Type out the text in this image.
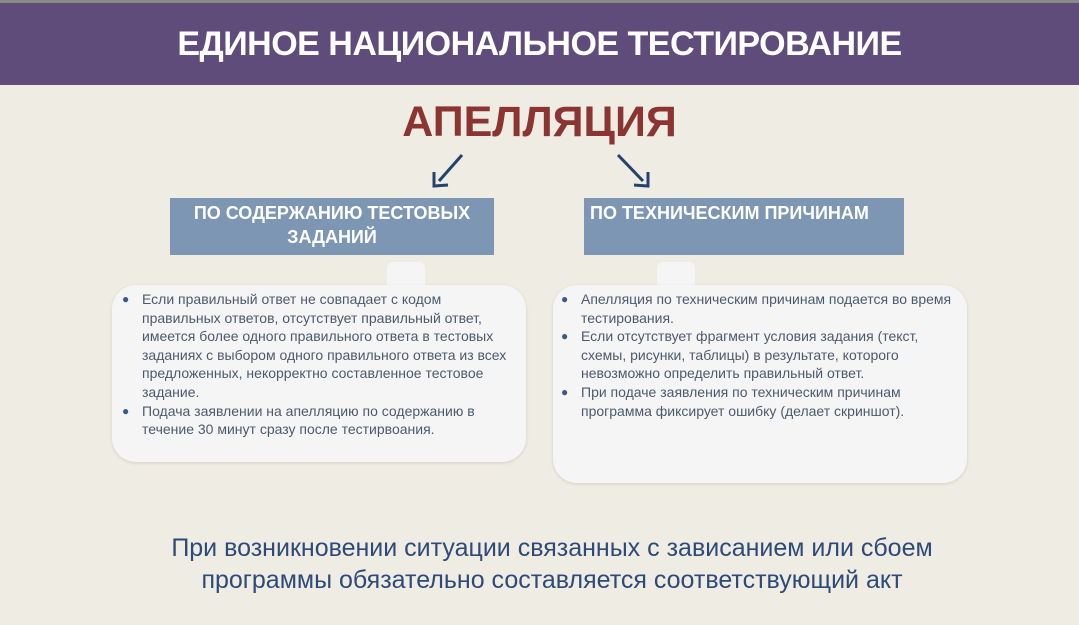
ЕДИНОЕ НАЦИОНАЛЬНОЕ ТЕСТИРОВАНИЕ
АПЕЛЛЯЦИЯ
ПО СОДЕРЖАНИЮ ТЕСТОВЫХ ЗАДАНИЙ
ПО ТЕХНИЧЕСКИМ ПРИЧИНАМ
● Если правильный ответ не совпадает с кодом правильных ответов, отсутствует правильный ответ, имеется более одного правильного ответа в тестовых заданиях с выбором одного правильного ответа из всех предложенных, некорректно составленное тестовое задание.
● Подача заявлении на апелляцию по содержанию в течение 30 минут сразу после тестирвоания.
● Апелляция по техническим причинам подается во время тестирования.
● Если отсутствует фрагмент условия задания (текст, схемы, рисунки, таблицы) в результате, которого невозможно определить правильный ответ.
● При подаче заявления по техническим причинам программа фиксирует ошибку (делает скриншот).
При возникновении ситуации связанных с зависанием или сбоем программы обязательно составляется соответствующий акт
